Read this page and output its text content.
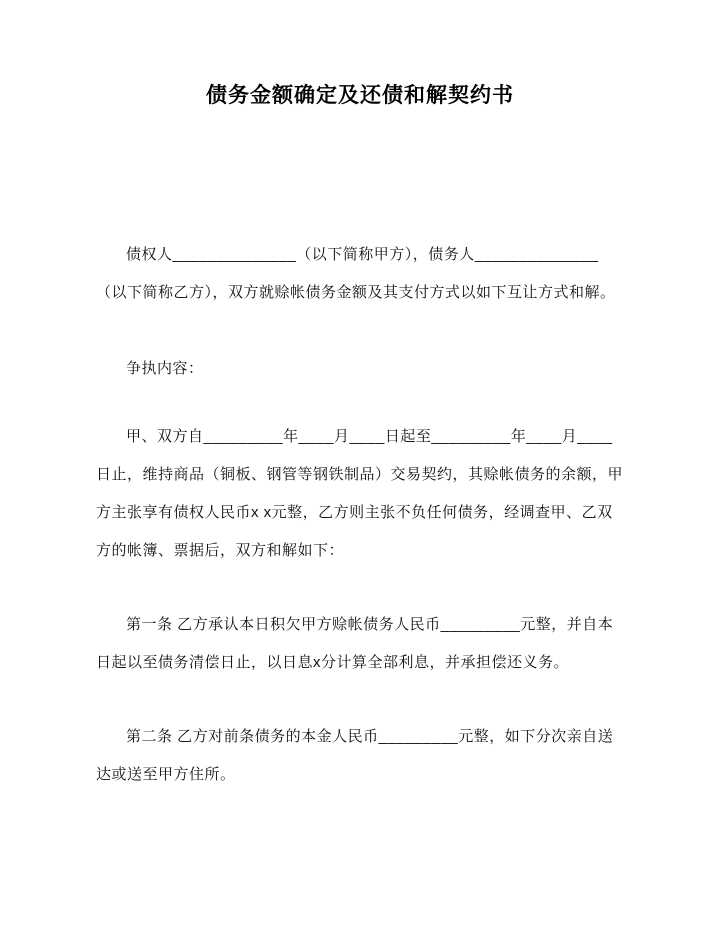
债务金额确定及还债和解契约书

债权人______________（以下简称甲方），债务人______________（以下简称乙方），双方就赊帐债务金额及其支付方式以如下互让方式和解。

争执内容：

甲、双方自_________年____月____日起至_________年____月____日止，维持商品（铜板、钢管等钢铁制品）交易契约，其赊帐债务的余额，甲方主张享有债权人民币x x元整，乙方则主张不负任何债务，经调查甲、乙双方的帐簿、票据后，双方和解如下：

第一条 乙方承认本日积欠甲方赊帐债务人民币_________元整，并自本日起以至债务清偿日止，以日息x分计算全部利息，并承担偿还义务。

第二条 乙方对前条债务的本金人民币_________元整，如下分次亲自送达或送至甲方住所。
